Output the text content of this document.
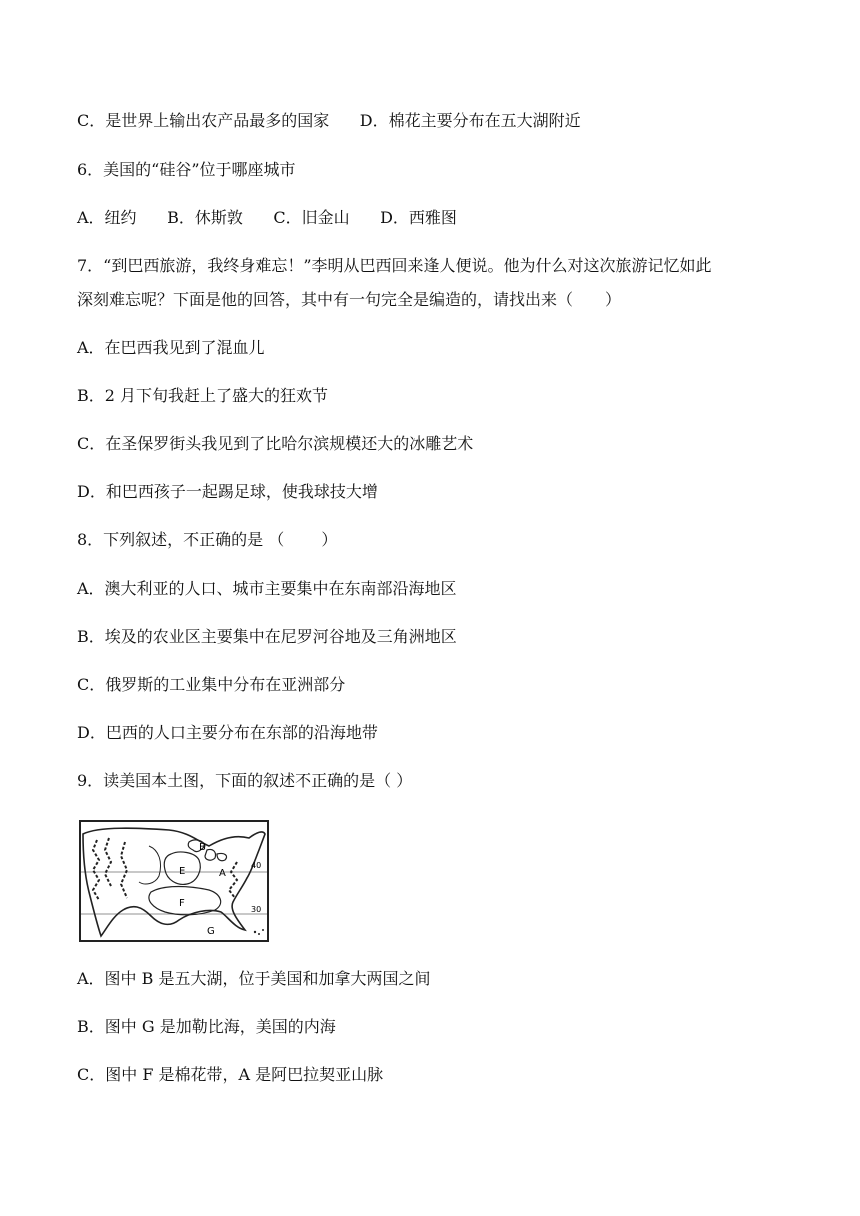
C．是世界上输出农产品最多的国家      D．棉花主要分布在五大湖附近
6．美国的“硅谷”位于哪座城市
A．纽约      B．休斯敦      C．旧金山      D．西雅图
7．“到巴西旅游，我终身难忘！”李明从巴西回来逢人便说。他为什么对这次旅游记忆如此
深刻难忘呢？下面是他的回答，其中有一句完全是编造的，请找出来（　　）
A．在巴西我见到了混血儿
B．2 月下旬我赶上了盛大的狂欢节
C．在圣保罗街头我见到了比哈尔滨规模还大的冰雕艺术
D．和巴西孩子一起踢足球，使我球技大增
8．下列叙述，不正确的是 （　　 ）
A．澳大利亚的人口、城市主要集中在东南部沿海地区
B．埃及的农业区主要集中在尼罗河谷地及三角洲地区
C．俄罗斯的工业集中分布在亚洲部分
D．巴西的人口主要分布在东部的沿海地带
9．读美国本土图，下面的叙述不正确的是（ ）
A．图中 B 是五大湖，位于美国和加拿大两国之间
B．图中 G 是加勒比海，美国的内海
C．图中 F 是棉花带，A 是阿巴拉契亚山脉
B
E	A
F
G
40
30
